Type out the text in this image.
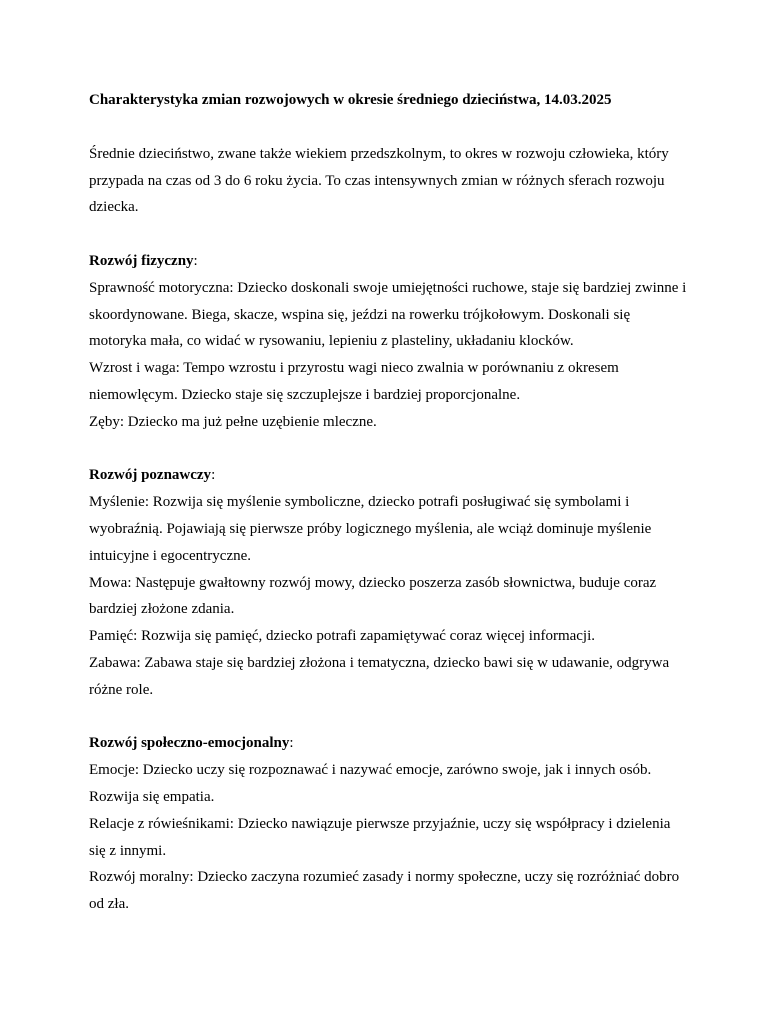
Charakterystyka zmian rozwojowych w okresie średniego dzieciństwa, 14.03.2025

Średnie dzieciństwo, zwane także wiekiem przedszkolnym, to okres w rozwoju człowieka, który przypada na czas od 3 do 6 roku życia. To czas intensywnych zmian w różnych sferach rozwoju dziecka.

Rozwój fizyczny:

Sprawność motoryczna: Dziecko doskonali swoje umiejętności ruchowe, staje się bardziej zwinne i skoordynowane. Biega, skacze, wspina się, jeździ na rowerku trójkołowym. Doskonali się motoryka mała, co widać w rysowaniu, lepieniu z plasteliny, układaniu klocków.

Wzrost i waga: Tempo wzrostu i przyrostu wagi nieco zwalnia w porównaniu z okresem niemowlęcym. Dziecko staje się szczuplejsze i bardziej proporcjonalne.

Zęby: Dziecko ma już pełne uzębienie mleczne.

Rozwój poznawczy:

Myślenie: Rozwija się myślenie symboliczne, dziecko potrafi posługiwać się symbolami i wyobraźnią. Pojawiają się pierwsze próby logicznego myślenia, ale wciąż dominuje myślenie intuicyjne i egocentryczne.

Mowa: Następuje gwałtowny rozwój mowy, dziecko poszerza zasób słownictwa, buduje coraz bardziej złożone zdania.

Pamięć: Rozwija się pamięć, dziecko potrafi zapamiętywać coraz więcej informacji.

Zabawa: Zabawa staje się bardziej złożona i tematyczna, dziecko bawi się w udawanie, odgrywa różne role.

Rozwój społeczno-emocjonalny:

Emocje: Dziecko uczy się rozpoznawać i nazywać emocje, zarówno swoje, jak i innych osób. Rozwija się empatia.

Relacje z rówieśnikami: Dziecko nawiązuje pierwsze przyjaźnie, uczy się współpracy i dzielenia się z innymi.

Rozwój moralny: Dziecko zaczyna rozumieć zasady i normy społeczne, uczy się rozróżniać dobro od zła.
